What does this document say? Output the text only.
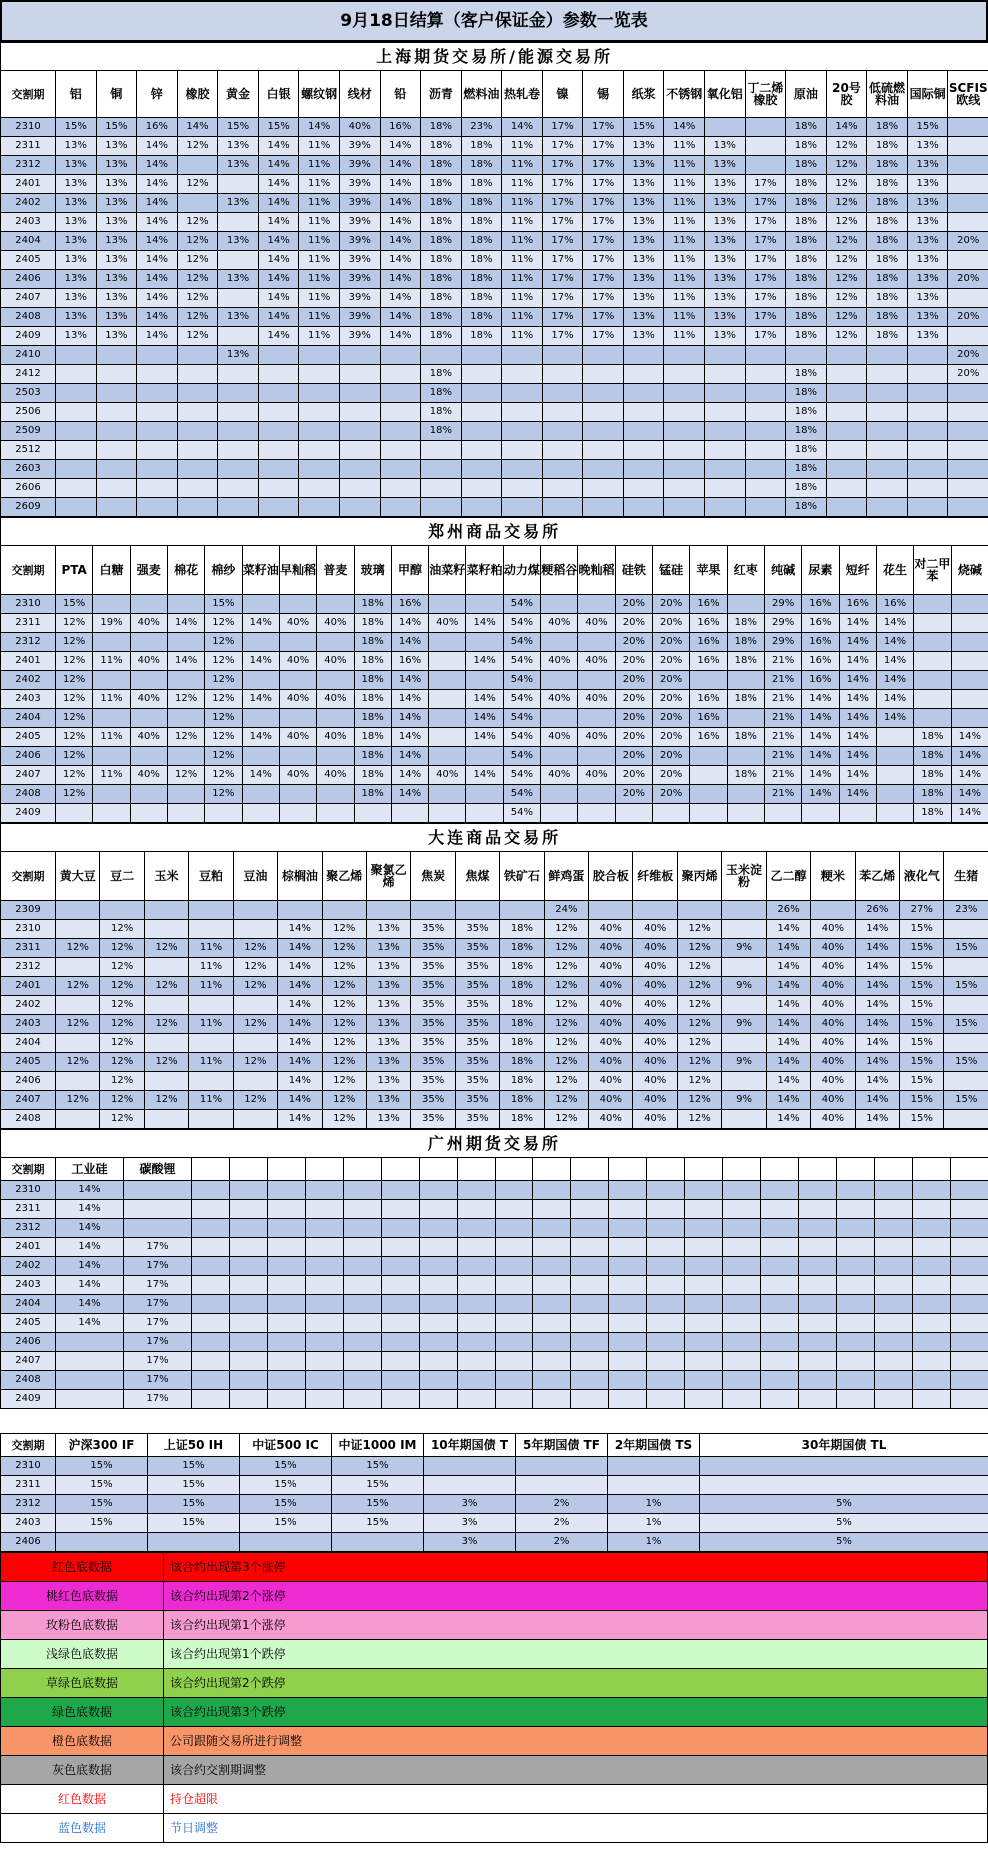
9月18日结算（客户保证金）参数一览表
上海期货交易所/能源交易所																							
交割期	铝	铜	锌	橡胶	黄金	白银	螺纹钢	线材	铅	沥青	燃料油	热轧卷	镍	锡	纸浆	不锈钢	氧化铝	丁二烯橡胶	原油	20号胶	低硫燃料油	国际铜	SCFIS欧线
2310	15%	15%	16%	14%	15%	15%	14%	40%	16%	18%	23%	14%	17%	17%	15%	14%			18%	14%	18%	15%	
2311	13%	13%	14%	12%	13%	14%	11%	39%	14%	18%	18%	11%	17%	17%	13%	11%	13%		18%	12%	18%	13%	
2312	13%	13%	14%		13%	14%	11%	39%	14%	18%	18%	11%	17%	17%	13%	11%	13%		18%	12%	18%	13%	
2401	13%	13%	14%	12%		14%	11%	39%	14%	18%	18%	11%	17%	17%	13%	11%	13%	17%	18%	12%	18%	13%	
2402	13%	13%	14%		13%	14%	11%	39%	14%	18%	18%	11%	17%	17%	13%	11%	13%	17%	18%	12%	18%	13%	
2403	13%	13%	14%	12%		14%	11%	39%	14%	18%	18%	11%	17%	17%	13%	11%	13%	17%	18%	12%	18%	13%	
2404	13%	13%	14%	12%	13%	14%	11%	39%	14%	18%	18%	11%	17%	17%	13%	11%	13%	17%	18%	12%	18%	13%	20%
2405	13%	13%	14%	12%		14%	11%	39%	14%	18%	18%	11%	17%	17%	13%	11%	13%	17%	18%	12%	18%	13%	
2406	13%	13%	14%	12%	13%	14%	11%	39%	14%	18%	18%	11%	17%	17%	13%	11%	13%	17%	18%	12%	18%	13%	20%
2407	13%	13%	14%	12%		14%	11%	39%	14%	18%	18%	11%	17%	17%	13%	11%	13%	17%	18%	12%	18%	13%	
2408	13%	13%	14%	12%	13%	14%	11%	39%	14%	18%	18%	11%	17%	17%	13%	11%	13%	17%	18%	12%	18%	13%	20%
2409	13%	13%	14%	12%		14%	11%	39%	14%	18%	18%	11%	17%	17%	13%	11%	13%	17%	18%	12%	18%	13%	
2410					13%																		20%
2412										18%									18%				20%
2503										18%									18%				
2506										18%									18%				
2509										18%									18%				
2512																			18%				
2603																			18%				
2606																			18%				
2609																			18%				
郑州商品交易所																									
交割期	PTA	白糖	强麦	棉花	棉纱	菜籽油	早籼稻	普麦	玻璃	甲醇	油菜籽	菜籽粕	动力煤	粳稻谷	晚籼稻	硅铁	锰硅	苹果	红枣	纯碱	尿素	短纤	花生	对二甲苯	烧碱
2310	15%				15%				18%	16%			54%			20%	20%	16%		29%	16%	16%	16%		
2311	12%	19%	40%	14%	12%	14%	40%	40%	18%	14%	40%	14%	54%	40%	40%	20%	20%	16%	18%	29%	16%	14%	14%		
2312	12%				12%				18%	14%			54%			20%	20%	16%	18%	29%	16%	14%	14%		
2401	12%	11%	40%	14%	12%	14%	40%	40%	18%	16%		14%	54%	40%	40%	20%	20%	16%	18%	21%	16%	14%	14%		
2402	12%				12%				18%	14%			54%			20%	20%			21%	16%	14%	14%		
2403	12%	11%	40%	12%	12%	14%	40%	40%	18%	14%		14%	54%	40%	40%	20%	20%	16%	18%	21%	14%	14%	14%		
2404	12%				12%				18%	14%		14%	54%			20%	20%	16%		21%	14%	14%	14%		
2405	12%	11%	40%	12%	12%	14%	40%	40%	18%	14%		14%	54%	40%	40%	20%	20%	16%	18%	21%	14%	14%		18%	14%
2406	12%				12%				18%	14%			54%			20%	20%			21%	14%	14%		18%	14%
2407	12%	11%	40%	12%	12%	14%	40%	40%	18%	14%	40%	14%	54%	40%	40%	20%	20%		18%	21%	14%	14%		18%	14%
2408	12%				12%				18%	14%			54%			20%	20%			21%	14%	14%		18%	14%
2409													54%											18%	14%
大连商品交易所																					
交割期	黄大豆	豆二	玉米	豆粕	豆油	棕榈油	聚乙烯	聚氯乙烯	焦炭	焦煤	铁矿石	鲜鸡蛋	胶合板	纤维板	聚丙烯	玉米淀粉	乙二醇	粳米	苯乙烯	液化气	生猪
2309												24%					26%		26%	27%	23%
2310		12%				14%	12%	13%	35%	35%	18%	12%	40%	40%	12%		14%	40%	14%	15%	
2311	12%	12%	12%	11%	12%	14%	12%	13%	35%	35%	18%	12%	40%	40%	12%	9%	14%	40%	14%	15%	15%
2312		12%		11%	12%	14%	12%	13%	35%	35%	18%	12%	40%	40%	12%		14%	40%	14%	15%	
2401	12%	12%	12%	11%	12%	14%	12%	13%	35%	35%	18%	12%	40%	40%	12%	9%	14%	40%	14%	15%	15%
2402		12%				14%	12%	13%	35%	35%	18%	12%	40%	40%	12%		14%	40%	14%	15%	
2403	12%	12%	12%	11%	12%	14%	12%	13%	35%	35%	18%	12%	40%	40%	12%	9%	14%	40%	14%	15%	15%
2404		12%				14%	12%	13%	35%	35%	18%	12%	40%	40%	12%		14%	40%	14%	15%	
2405	12%	12%	12%	11%	12%	14%	12%	13%	35%	35%	18%	12%	40%	40%	12%	9%	14%	40%	14%	15%	15%
2406		12%				14%	12%	13%	35%	35%	18%	12%	40%	40%	12%		14%	40%	14%	15%	
2407	12%	12%	12%	11%	12%	14%	12%	13%	35%	35%	18%	12%	40%	40%	12%	9%	14%	40%	14%	15%	15%
2408		12%				14%	12%	13%	35%	35%	18%	12%	40%	40%	12%		14%	40%	14%	15%	
广州期货交易所																							
交割期	工业硅	碳酸锂																					
2310	14%																						
2311	14%																						
2312	14%																						
2401	14%	17%																					
2402	14%	17%																					
2403	14%	17%																					
2404	14%	17%																					
2405	14%	17%																					
2406		17%																					
2407		17%																					
2408		17%																					
2409		17%																					

交割期	沪深300 IF	上证50 IH	中证500 IC	中证1000 IM	10年期国债 T	5年期国债 TF	2年期国债 TS	30年期国债 TL
2310	15%	15%	15%	15%				
2311	15%	15%	15%	15%				
2312	15%	15%	15%	15%	3%	2%	1%	5%
2403	15%	15%	15%	15%	3%	2%	1%	5%
2406					3%	2%	1%	5%
红色底数据	该合约出现第3个涨停
桃红色底数据	该合约出现第2个涨停
玫粉色底数据	该合约出现第1个涨停
浅绿色底数据	该合约出现第1个跌停
草绿色底数据	该合约出现第2个跌停
绿色底数据	该合约出现第3个跌停
橙色底数据	公司跟随交易所进行调整
灰色底数据	该合约交割期调整
红色数据	持仓超限
蓝色数据	节日调整
